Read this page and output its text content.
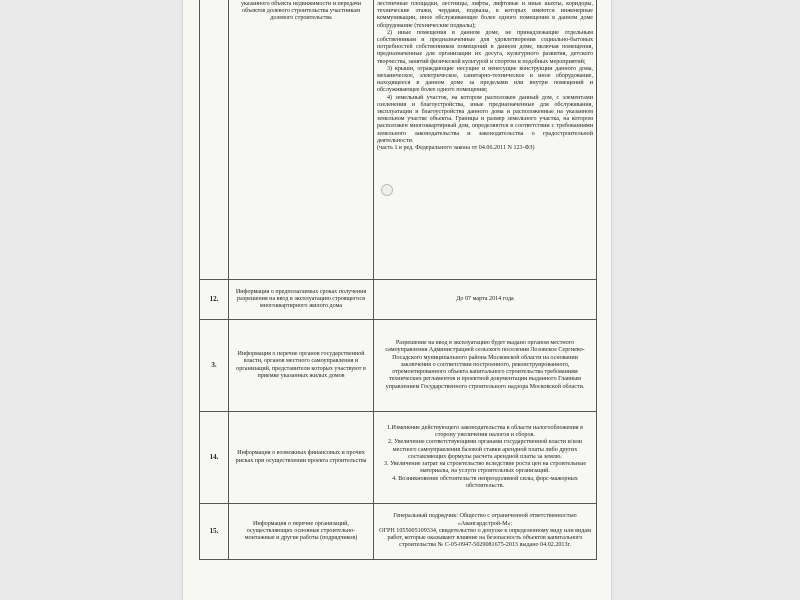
	указанного объекта недвижимости и передачи объектов долевого строительства участникам долевого строительства	лестничные площадки, лестницы, лифты, лифтовые и иные шахты, коридоры, технические этажи, чердаки, подвалы, в которых имеются инженерные коммуникации, иное обслуживающее более одного помещения в данном доме оборудование (технические подвалы);

2) иные помещения в данном доме, не принадлежащие отдельным собственникам и предназначенные для удовлетворения социально-бытовых потребностей собственников помещений в данном доме, включая помещения, предназначенные для организации их досуга, культурного развития, детского творчества, занятий физической культурой и спортом и подобных мероприятий;

3) крыши, ограждающие несущие и ненесущие конструкции данного дома, механическое, электрическое, санитарно-техническое и иное оборудование, находящееся в данном доме за пределами или внутри помещений и обслуживающее более одного помещения;

4) земельный участок, на котором расположен данный дом, с элементами озеленения и благоустройства, иные предназначенные для обслуживания, эксплуатации и благоустройства данного дома и расположенные на указанном земельном участке объекты. Границы и размер земельного участка, на котором расположен многоквартирный дом, определяются в соответствии с требованиями земельного законодательства и законодательства о градостроительной деятельности.

(часть 1 в ред. Федерального закона от 04.06.2011 N 123-ФЗ)

12.	Информация о предполагаемых сроках получения разрешения на ввод в эксплуатацию строящегося многоквартирного жилого дома	До 07 марта 2014 года
3.	Информация о перечне органов государственной власти, органов местного самоуправления и организаций, представители которых участвуют в приемке указанных жилых домов	Разрешение на ввод в эксплуатацию будет выдано органом местного самоуправления Администрацией сельского поселения Лозовское Сергиево-Посадского муниципального района Московской области на основании заключения о соответствии построенного, реконструированного, отремонтированного объекта капитального строительства требованиям технических регламентов и проектной документации выданного Главным управлением Государственного строительного надзора Московской области.
14.	Информация о возможных финансовых и прочих рисках при осуществлении проекта строительства	1.Изменение действующего законодательства в области налогообложения в сторону увеличения налогов и сборов.
2. Увеличение соответствующими органами государственной власти и/или местного самоуправления базовой ставки арендной платы либо других составляющих формулы расчета арендной платы за землю.
3. Увеличение затрат на строительство вследствие роста цен на строительные материалы, на услуги строительных организаций.
4. Возникновение обстоятельств непреодолимой силы, форс-мажорных обстоятельств.

15.	Информация о перечне организаций, осуществляющих основные строительно-монтажные и другие работы (подрядчиков)	Генеральный подрядчик: Общество с ограниченной ответственностью «Авангардстрой-М»:
ОГРН 1055005109334, свидетельство о допуске к определенному виду или видам работ, которые оказывают влияние на безопасность объектов капитального строительства № С-05-0947-5029081675-2013 выдано 04.02.2013г.
